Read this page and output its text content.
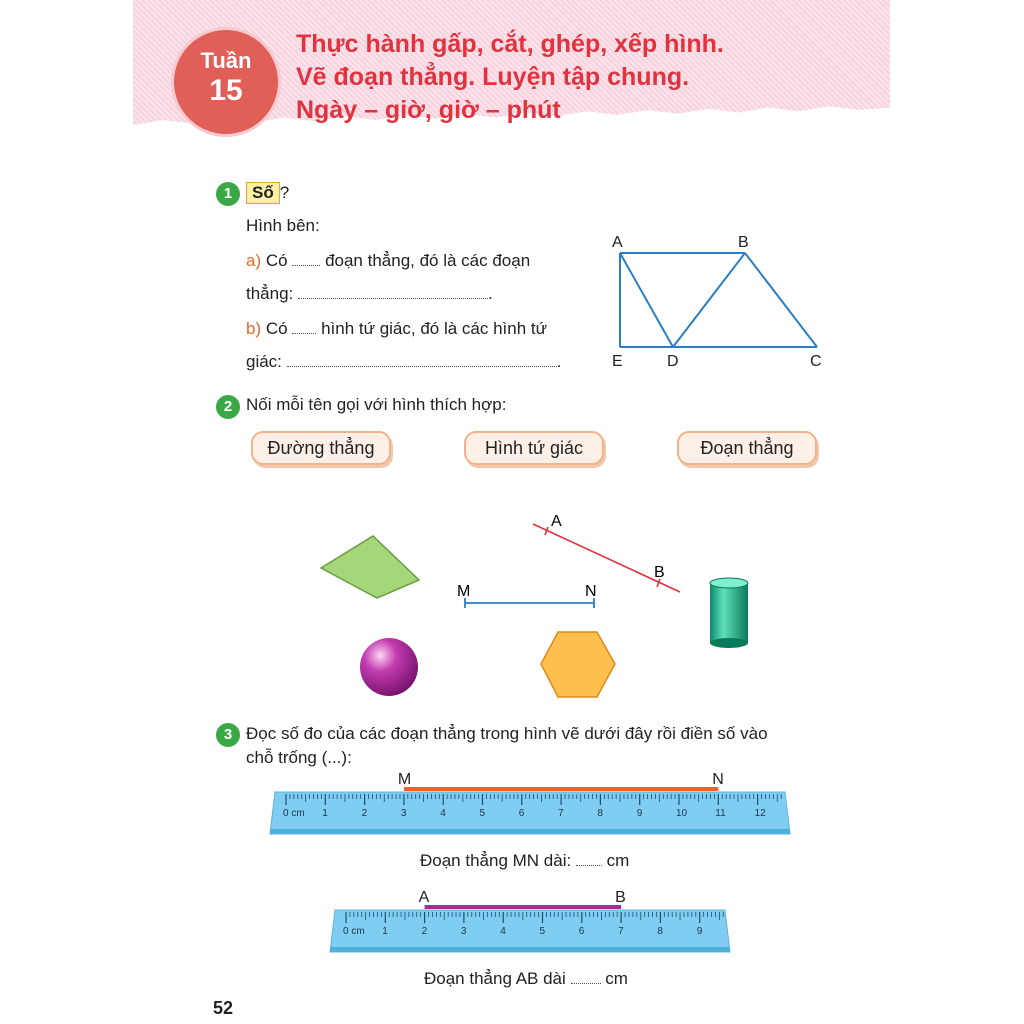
Tuần
15
Thực hành gấp, cắt, ghép, xếp hình.
Vẽ đoạn thẳng. Luyện tập chung.
Ngày – giờ, giờ – phút
1	Số ?
Hình bên:
a) Có đoạn thẳng, đó là các đoạn
thẳng:	.
b) Có hình tứ giác, đó là các hình tứ
giác:	.
A	B
E	D	C
2 Nối mỗi tên gọi với hình thích hợp:
Đường thẳng	Hình tứ giác	Đoạn thẳng
A
B
M	N
3 Đọc số đo của các đoạn thẳng trong hình vẽ dưới đây rồi điền số vào
chỗ trống (...):
0 cm 1	2	3	4	5	6	7	8	9	10	11	12
M	N
0 cm 1	2	3	4	5	6	7	8	9
A	B
Đoạn thẳng MN dài: cm
Đoạn thẳng AB dài cm
52
